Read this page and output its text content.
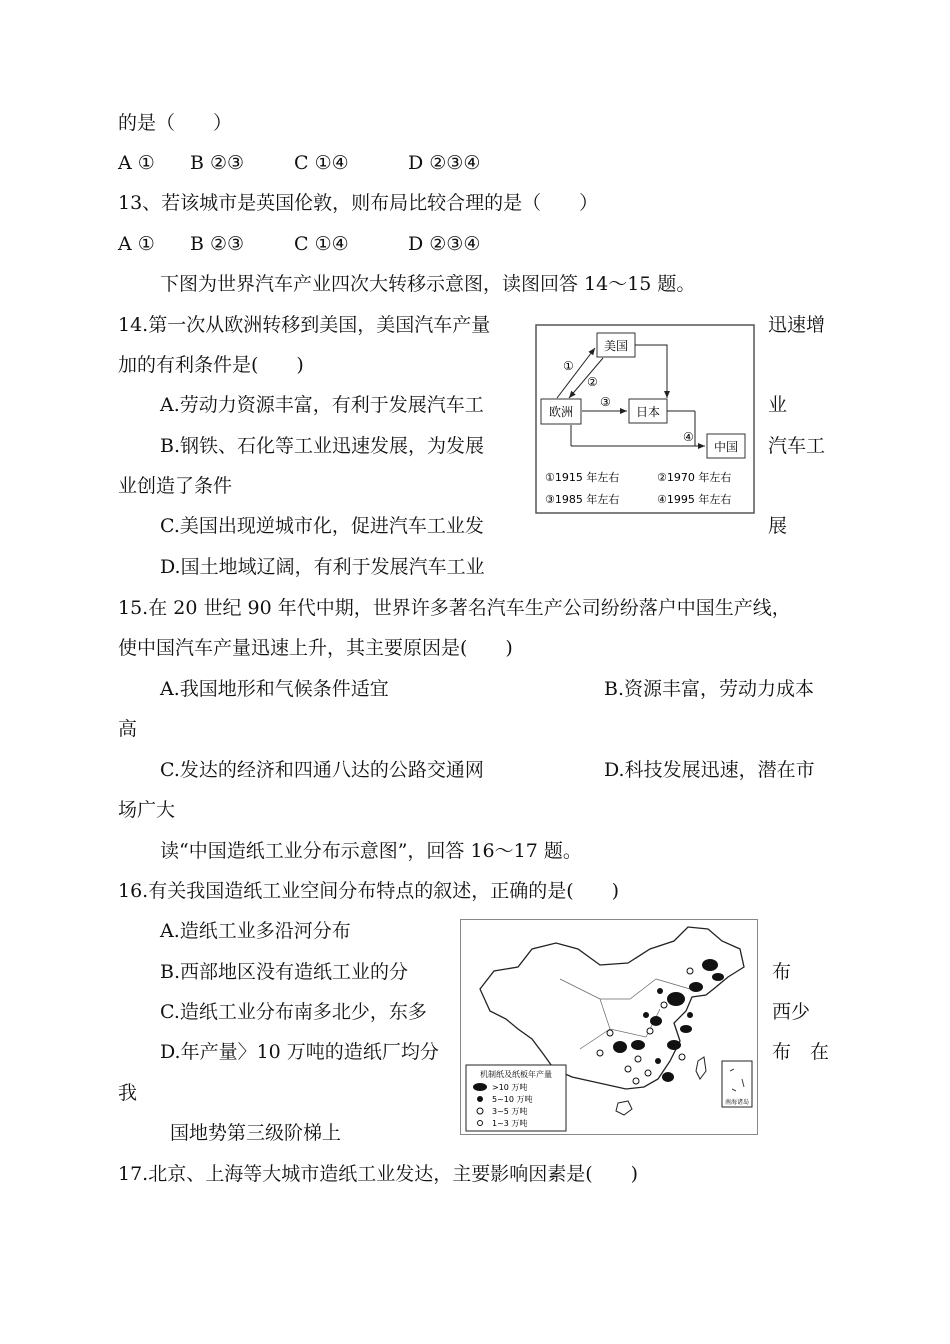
的是（　　）
A ① B ②③	C ①④	D ②③④
13、若该城市是英国伦敦，则布局比较合理的是（　　）
A ① B ②③	C ①④	D ②③④
下图为世界汽车产业四次大转移示意图，读图回答 14～15 题。
14.第一次从欧洲转移到美国，美国汽车产量	迅速增
加的有利条件是(　　)
A.劳动力资源丰富，有利于发展汽车工	业
B.钢铁、石化等工业迅速发展，为发展	汽车工
业创造了条件
C.美国出现逆城市化，促进汽车工业发	展
D.国土地域辽阔，有利于发展汽车工业
美国
欧洲	日本
中国
①
②
③
④
①1915 年左右	②1970 年左右
③1985 年左右	④1995 年左右
15.在 20 世纪 90 年代中期，世界许多著名汽车生产公司纷纷落户中国生产线，
使中国汽车产量迅速上升，其主要原因是(　　)
A.我国地形和气候条件适宜	B.资源丰富，劳动力成本
高
C.发达的经济和四通八达的公路交通网	D.科技发展迅速，潜在市
场广大
读“中国造纸工业分布示意图”，回答 16～17 题。
16.有关我国造纸工业空间分布特点的叙述，正确的是(　　)
A.造纸工业多沿河分布
B.西部地区没有造纸工业的分	布
C.造纸工业分布南多北少，东多	西少
D.年产量〉10 万吨的造纸厂均分	布　在
我
国地势第三级阶梯上
机制纸及纸板年产量
>10 万吨
5~10 万吨
3~5 万吨
1~3 万吨
南海诸岛
17.北京、上海等大城市造纸工业发达，主要影响因素是(　　)
